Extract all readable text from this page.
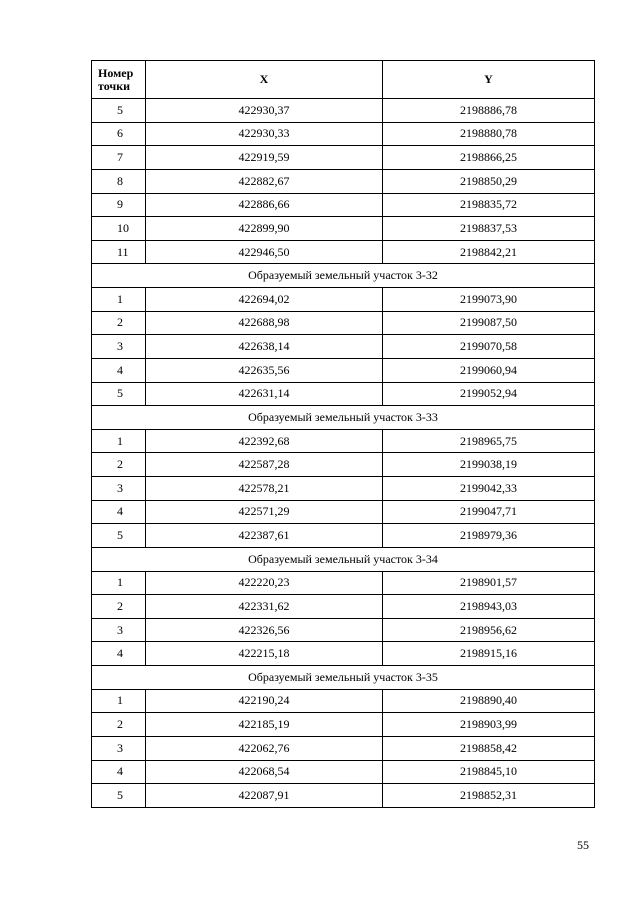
Номер точки	X	Y
5	422930,37	2198886,78
6	422930,33	2198880,78
7	422919,59	2198866,25
8	422882,67	2198850,29
9	422886,66	2198835,72
10	422899,90	2198837,53
11	422946,50	2198842,21
Образуемый земельный участок 3-32		
1	422694,02	2199073,90
2	422688,98	2199087,50
3	422638,14	2199070,58
4	422635,56	2199060,94
5	422631,14	2199052,94
Образуемый земельный участок 3-33		
1	422392,68	2198965,75
2	422587,28	2199038,19
3	422578,21	2199042,33
4	422571,29	2199047,71
5	422387,61	2198979,36
Образуемый земельный участок 3-34		
1	422220,23	2198901,57
2	422331,62	2198943,03
3	422326,56	2198956,62
4	422215,18	2198915,16
Образуемый земельный участок 3-35		
1	422190,24	2198890,40
2	422185,19	2198903,99
3	422062,76	2198858,42
4	422068,54	2198845,10
5	422087,91	2198852,31
55
